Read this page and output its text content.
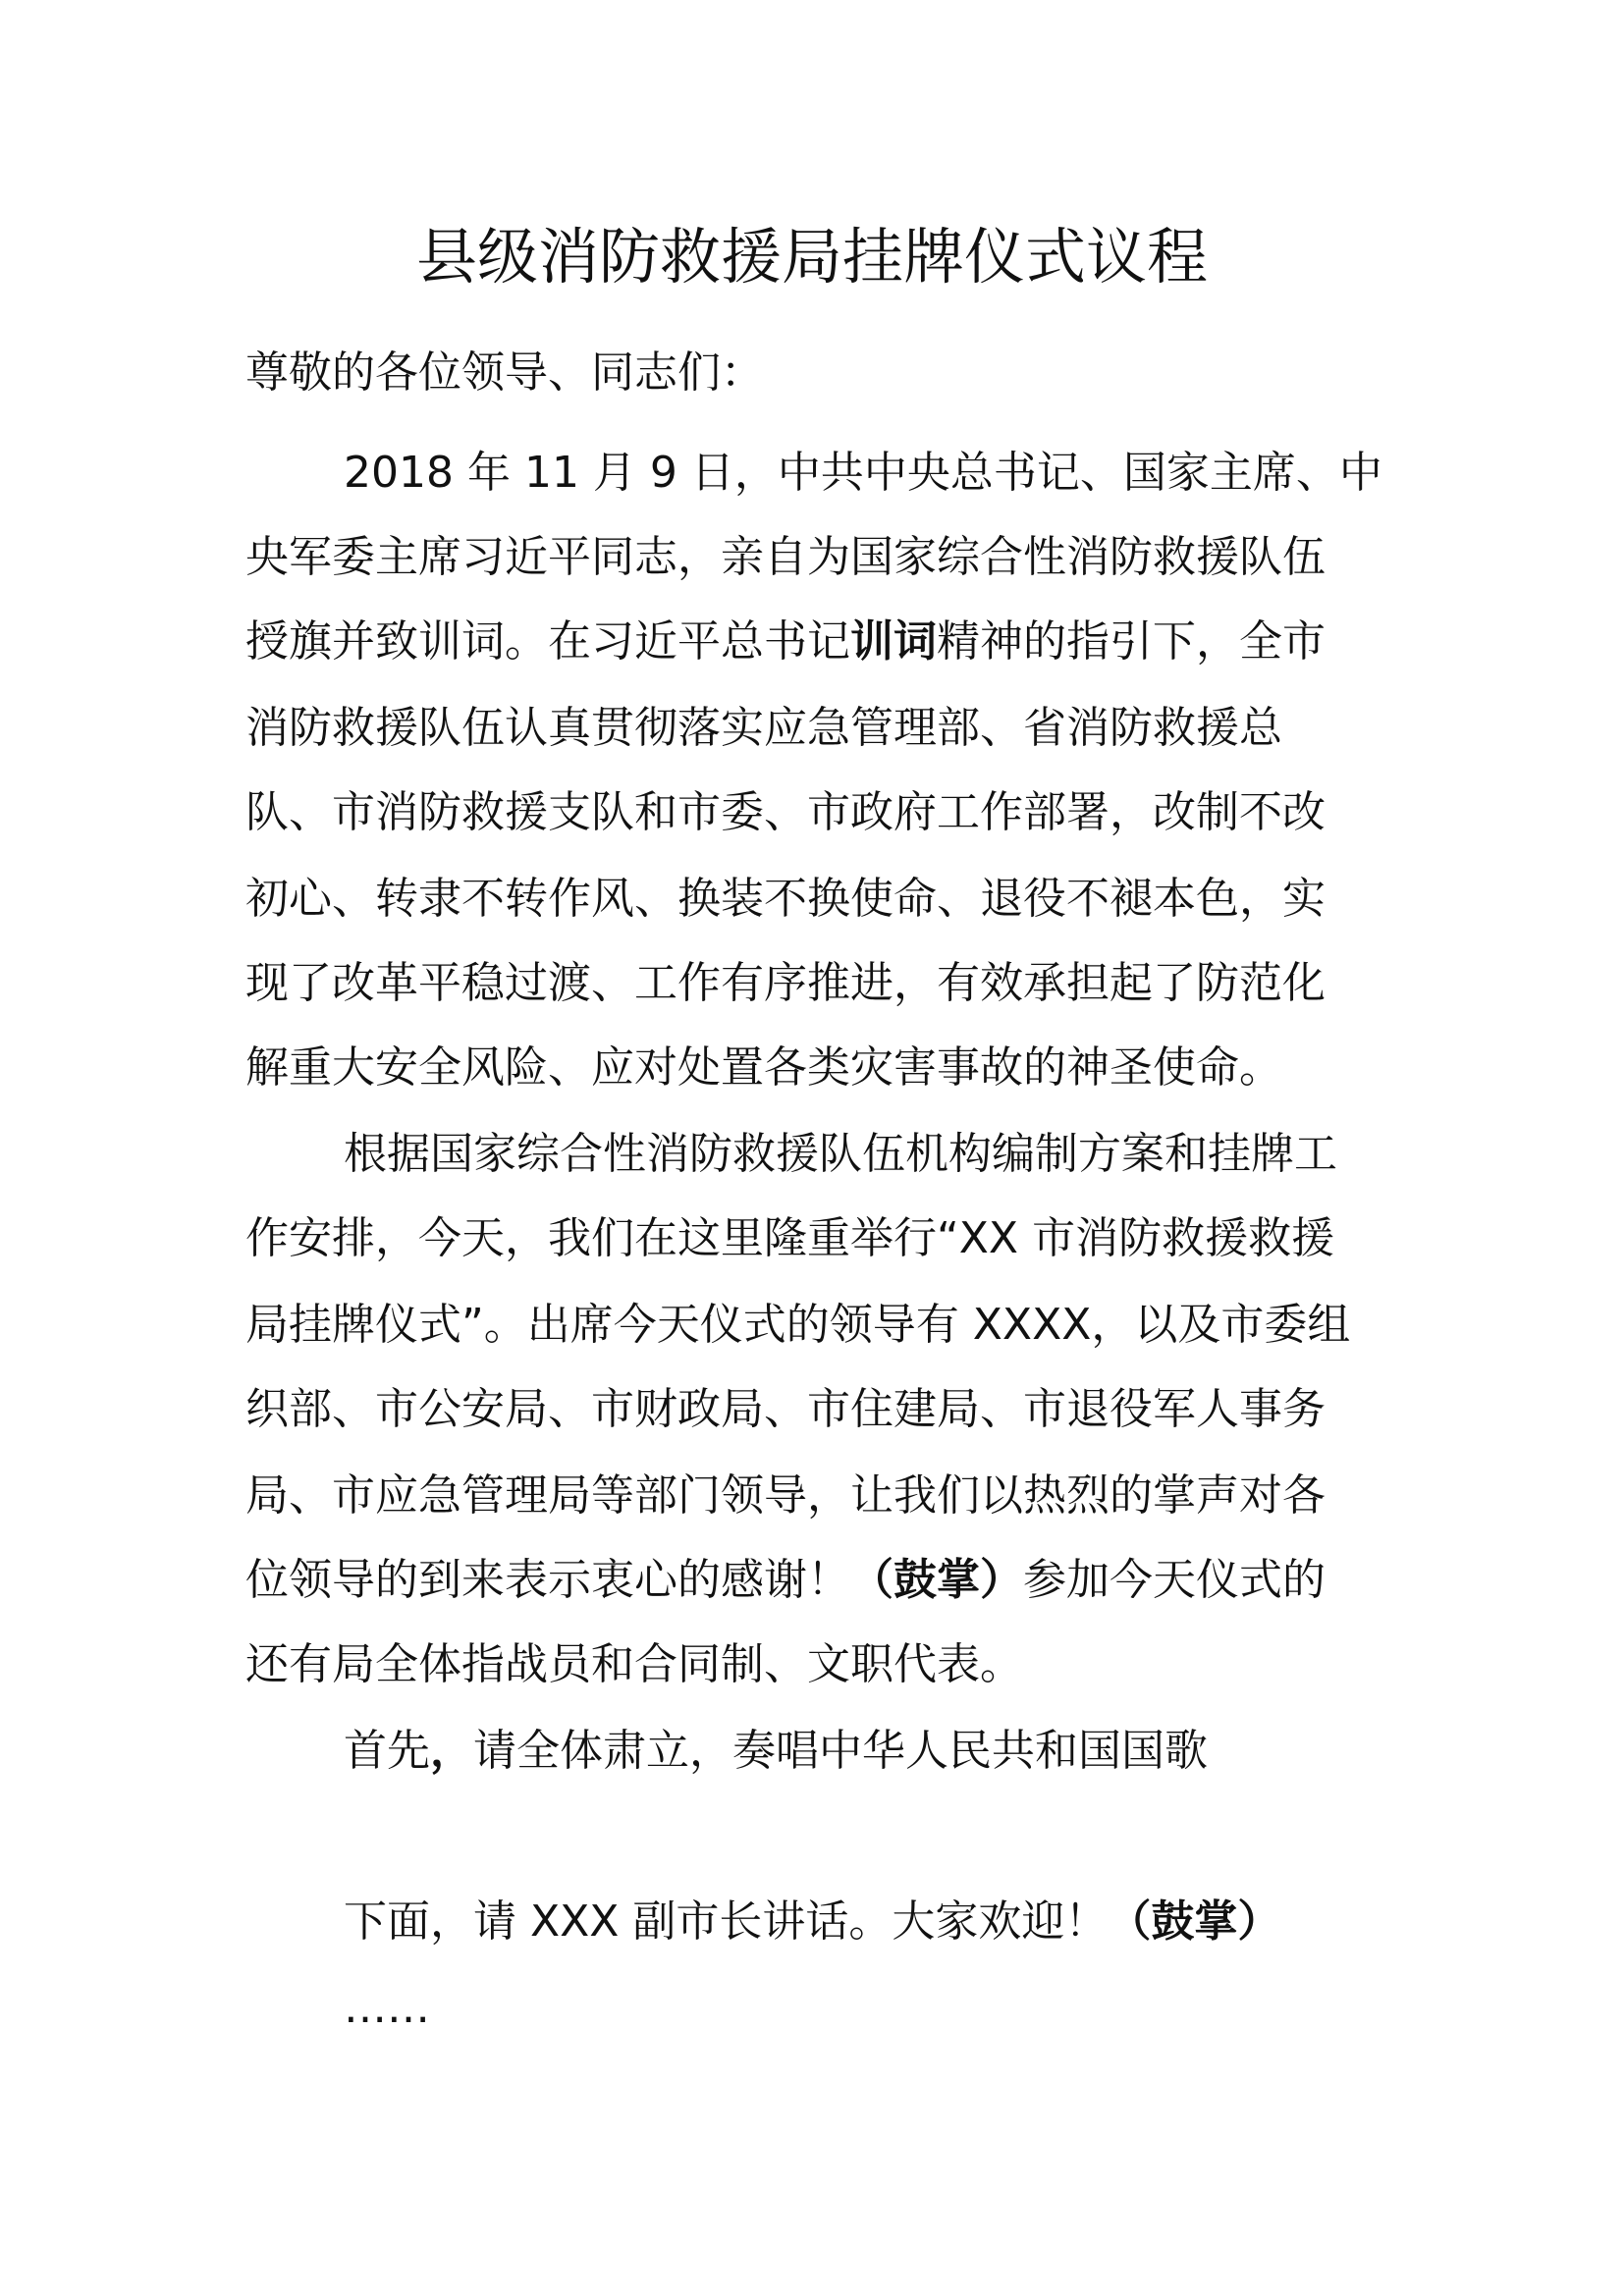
县级消防救援局挂牌仪式议程
尊敬的各位领导、同志们：
2018 年 11 月 9 日，中共中央总书记、国家主席、中
央军委主席习近平同志，亲自为国家综合性消防救援队伍
授旗并致训词。在习近平总书记训词精神的指引下，全市
消防救援队伍认真贯彻落实应急管理部、省消防救援总
队、市消防救援支队和市委、市政府工作部署，改制不改
初心、转隶不转作风、换装不换使命、退役不褪本色，实
现了改革平稳过渡、工作有序推进，有效承担起了防范化
解重大安全风险、应对处置各类灾害事故的神圣使命。
根据国家综合性消防救援队伍机构编制方案和挂牌工
作安排，今天，我们在这里隆重举行“XX 市消防救援救援
局挂牌仪式”。出席今天仪式的领导有 XXXX，以及市委组
织部、市公安局、市财政局、市住建局、市退役军人事务
局、市应急管理局等部门领导，让我们以热烈的掌声对各
位领导的到来表示衷心的感谢！（鼓掌）参加今天仪式的
还有局全体指战员和合同制、文职代表。
首先，请全体肃立，奏唱中华人民共和国国歌
下面，请 XXX 副市长讲话。大家欢迎！（鼓掌）
……
